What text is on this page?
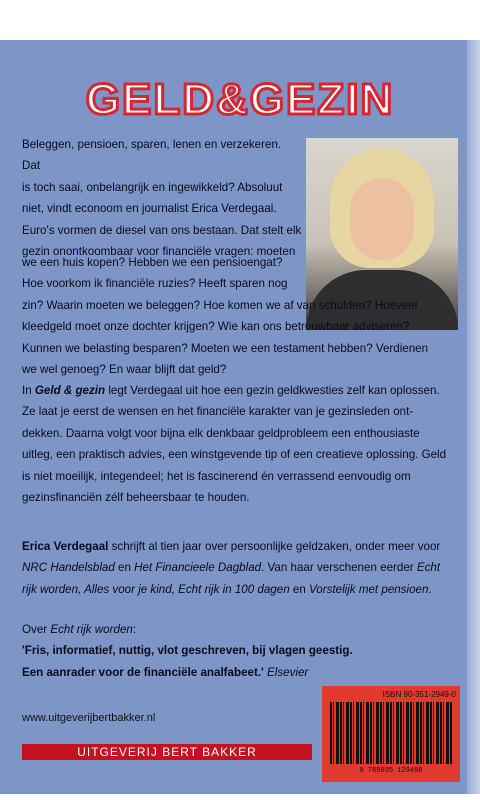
GELD&GEZIN

Beleggen, pensioen, sparen, lenen en verzekeren. Dat

is toch saai, onbelangrijk en ingewikkeld? Absoluut

niet, vindt econoom en journalist Erica Verdegaal.

Euro's vormen de diesel van ons bestaan. Dat stelt elk

gezin onontkoombaar voor financiële vragen: moeten

we een huis kopen? Hebben we een pensioengat?

Hoe voorkom ik financiële ruzies? Heeft sparen nog

zin? Waarin moeten we beleggen? Hoe komen we af van schulden? Hoeveel

kleedgeld moet onze dochter krijgen? Wie kan ons betrouwbaar adviseren?

Kunnen we belasting besparen? Moeten we een testament hebben? Verdienen

we wel genoeg? En waar blijft dat geld?

In Geld & gezin legt Verdegaal uit hoe een gezin geldkwesties zelf kan oplossen. Ze laat je eerst de wensen en het financiële karakter van je gezinsleden ont-dekken. Daarna volgt voor bijna elk denkbaar geldprobleem een enthousiaste uitleg, een praktisch advies, een winstgevende tip of een creatieve oplossing. Geld is niet moeilijk, integendeel; het is fascinerend én verrassend eenvoudig om gezinsfinanciën zélf beheersbaar te houden.
Erica Verdegaal schrijft al tien jaar over persoonlijke geldzaken, onder meer voor NRC Handelsblad en Het Financieele Dagblad. Van haar verschenen eerder Echt rijk worden, Alles voor je kind, Echt rijk in 100 dagen en Vorstelijk met pensioen.

Over Echt rijk worden:

'Fris, informatief, nuttig, vlot geschreven, bij vlagen geestig.

Een aanrader voor de financiële analfabeet.' Elsevier

ISBN 90-351-2949-0
9 789035 129498
www.uitgeverijbertbakker.nl
UITGEVERIJ BERT BAKKER
